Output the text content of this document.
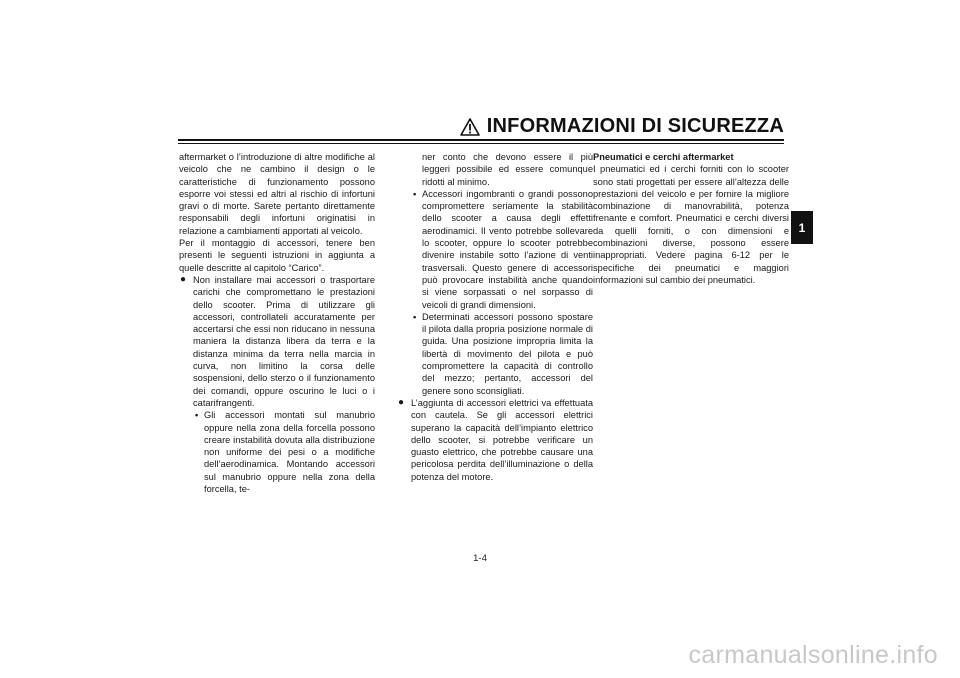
INFORMAZIONI DI SICUREZZA
1

aftermarket o l’introduzione di altre modifiche al veicolo che ne cambino il design o le caratteristiche di funzionamento possono esporre voi stessi ed altri al rischio di infortuni gravi o di morte. Sarete pertanto direttamente responsabili degli infortuni originatisi in relazione a cambiamenti apportati al veicolo.

Per il montaggio di accessori, tenere ben presenti le seguenti istruzioni in aggiunta a quelle descritte al capitolo “Carico”.

● Non installare mai accessori o trasportare carichi che compromettano le prestazioni dello scooter. Prima di utilizzare gli accessori, controllateli accuratamente per accertarsi che essi non riducano in nessuna maniera la distanza libera da terra e la distanza minima da terra nella marcia in curva, non limitino la corsa delle sospensioni, dello sterzo o il funzionamento dei comandi, oppure oscurino le luci o i catarifrangenti.

• Gli accessori montati sul manubrio oppure nella zona della forcella possono creare instabilità dovuta alla distribuzione non uniforme dei pesi o a modifiche dell’aerodinamica. Montando accessori sul manubrio oppure nella zona della forcella, te-

ner conto che devono essere il più leggeri possibile ed essere comunque ridotti al minimo.

• Accessori ingombranti o grandi possono compromettere seriamente la stabilità dello scooter a causa degli effetti aerodinamici. Il vento potrebbe sollevare lo scooter, oppure lo scooter potrebbe divenire instabile sotto l’azione di venti trasversali. Questo genere di accessori può provocare instabilità anche quando si viene sorpassati o nel sorpasso di veicoli di grandi dimensioni.

• Determinati accessori possono spostare il pilota dalla propria posizione normale di guida. Una posizione impropria limita la libertà di movimento del pilota e può compromettere la capacità di controllo del mezzo; pertanto, accessori del genere sono sconsigliati.

● L’aggiunta di accessori elettrici va effettuata con cautela. Se gli accessori elettrici superano la capacità dell’impianto elettrico dello scooter, si potrebbe verificare un guasto elettrico, che potrebbe causare una pericolosa perdita dell’illuminazione o della potenza del motore.

Pneumatici e cerchi aftermarket

I pneumatici ed i cerchi forniti con lo scooter sono stati progettati per essere all’altezza delle prestazioni del veicolo e per fornire la migliore combinazione di manovrabilità, potenza frenante e comfort. Pneumatici e cerchi diversi da quelli forniti, o con dimensioni e combinazioni diverse, possono essere inappropriati. Vedere pagina 6-12 per le specifiche dei pneumatici e maggiori informazioni sul cambio dei pneumatici.

1-4
carmanualsonline.info
